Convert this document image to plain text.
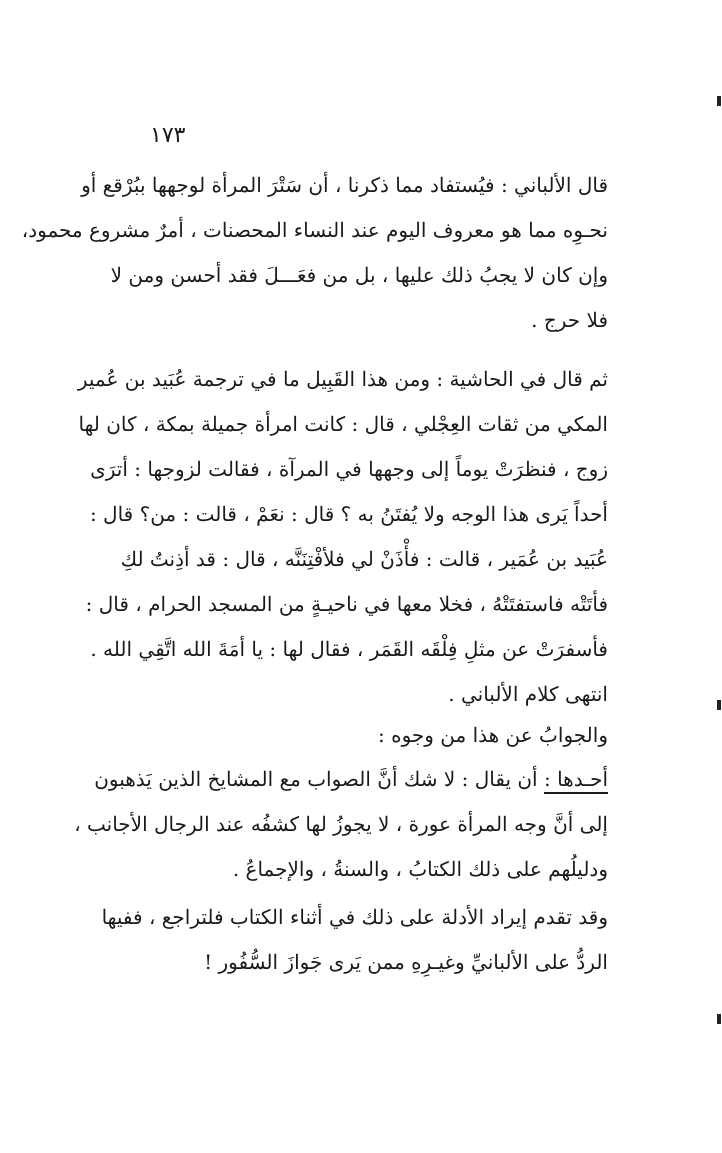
١٧٣
قال الألباني : فيُستفاد مما ذكرنا ، أن سَتْرَ المرأة لوجهها ببُرْقع أو
نحـوِه مما هو معروف اليوم عند النساء المحصنات ، أمرٌ مشروع محمود،
وإن كان لا يجبُ ذلك عليها ، بل من فعَـــلَ فقد أحسن ومن لا
فلا حرج .
ثم قال في الحاشية : ومن هذا القَبِيل ما في ترجمة عُبَيد بن عُمير
المكي من ثقات العِجْلي ، قال : كانت امرأة جميلة بمكة ، كان لها
زوج ، فنظرَتْ يوماً إلى وجهها في المرآة ، فقالت لزوجها : أترَى
أحداً يَرى هذا الوجه ولا يُفتَنُ به ؟ قال : نعَمْ ، قالت : من؟ قال :
عُبَيد بن عُمَير ، قالت : فأْذَنْ لي فلأفْتِنَنَّه ، قال : قد أذِنتُ لكِ
فأتَتْه فاستفتَتْهُ ، فخلا معها في ناحيـةٍ من المسجد الحرام ، قال :
فأسفرَتْ عن مثلِ فِلْقَه القَمَر ، فقال لها : يا أمَةَ الله اتَّقِي الله .
انتهى كلام الألباني .
والجوابُ عن هذا من وجوه :
أحـدها : أن يقال : لا شك أنَّ الصواب مع المشايخ الذين يَذهبون
إلى أنَّ وجه المرأة عورة ، لا يجوزُ لها كشفُه عند الرجال الأجانب ،
ودليلُهم على ذلك الكتابُ ، والسنةُ ، والإجماعُ .
وقد تقدم إيراد الأدلة على ذلك في أثناء الكتاب فلتراجع ، ففيها
الردُّ على الألبانيِّ وغيـرِهِ ممن يَرى جَوازَ السُّفُور !
